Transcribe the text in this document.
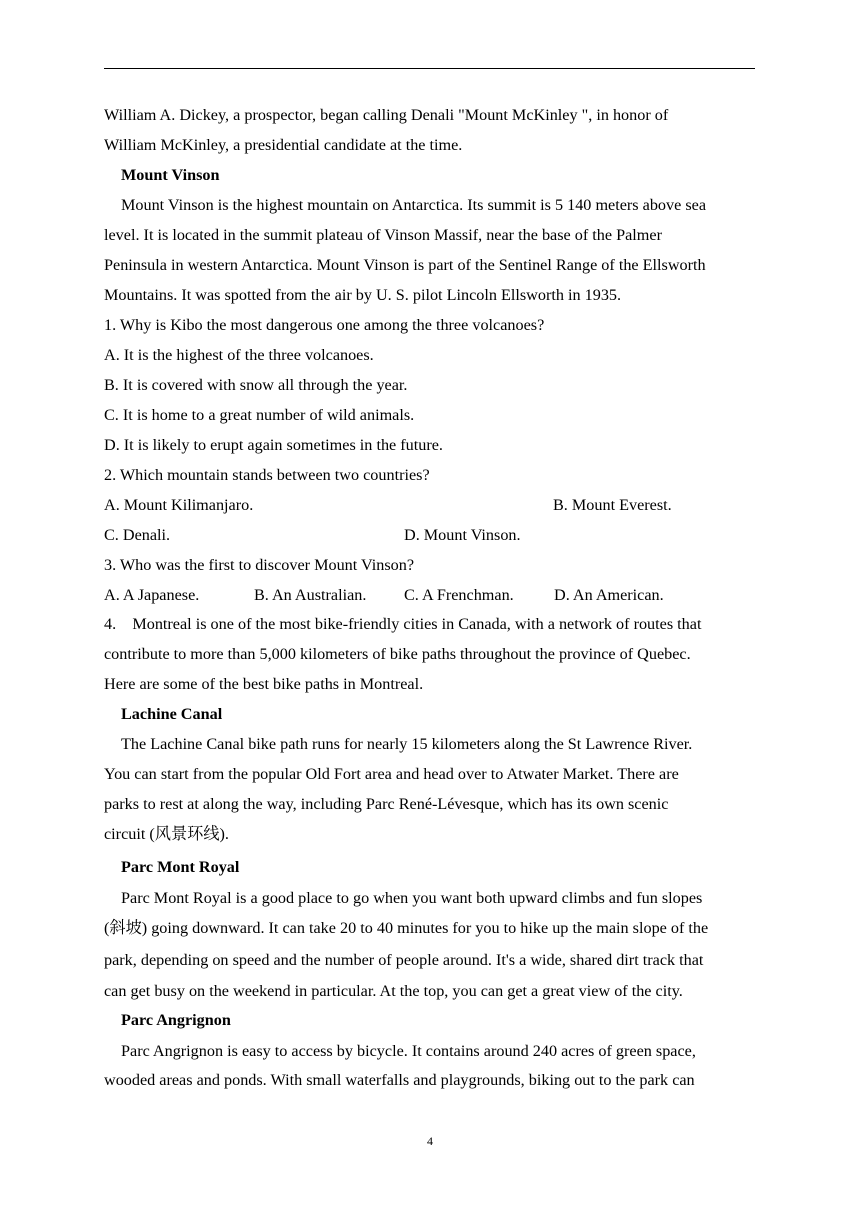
William A. Dickey, a prospector, began calling Denali "Mount McKinley ", in honor of
William McKinley, a presidential candidate at the time.
Mount Vinson
Mount Vinson is the highest mountain on Antarctica. Its summit is 5 140 meters above sea
level. It is located in the summit plateau of Vinson Massif, near the base of the Palmer
Peninsula in western Antarctica. Mount Vinson is part of the Sentinel Range of the Ellsworth
Mountains. It was spotted from the air by U. S. pilot Lincoln Ellsworth in 1935.
1. Why is Kibo the most dangerous one among the three volcanoes?
A. It is the highest of the three volcanoes.
B. It is covered with snow all through the year.
C. It is home to a great number of wild animals.
D. It is likely to erupt again sometimes in the future.
2. Which mountain stands between two countries?
A. Mount Kilimanjaro.	B. Mount Everest.
C. Denali.	D. Mount Vinson.
3. Who was the first to discover Mount Vinson?
A. A Japanese.	B. An Australian. C. A Frenchman. D. An American.
4.    Montreal is one of the most bike-friendly cities in Canada, with a network of routes that
contribute to more than 5,000 kilometers of bike paths throughout the province of Quebec.
Here are some of the best bike paths in Montreal.
Lachine Canal
The Lachine Canal bike path runs for nearly 15 kilometers along the St Lawrence River.
You can start from the popular Old Fort area and head over to Atwater Market. There are
parks to rest at along the way, including Parc René-Lévesque, which has its own scenic
circuit (风景环线).
Parc Mont Royal
Parc Mont Royal is a good place to go when you want both upward climbs and fun slopes
(斜坡) going downward. It can take 20 to 40 minutes for you to hike up the main slope of the
park, depending on speed and the number of people around. It's a wide, shared dirt track that
can get busy on the weekend in particular. At the top, you can get a great view of the city.
Parc Angrignon
Parc Angrignon is easy to access by bicycle. It contains around 240 acres of green space,
wooded areas and ponds. With small waterfalls and playgrounds, biking out to the park can
4
